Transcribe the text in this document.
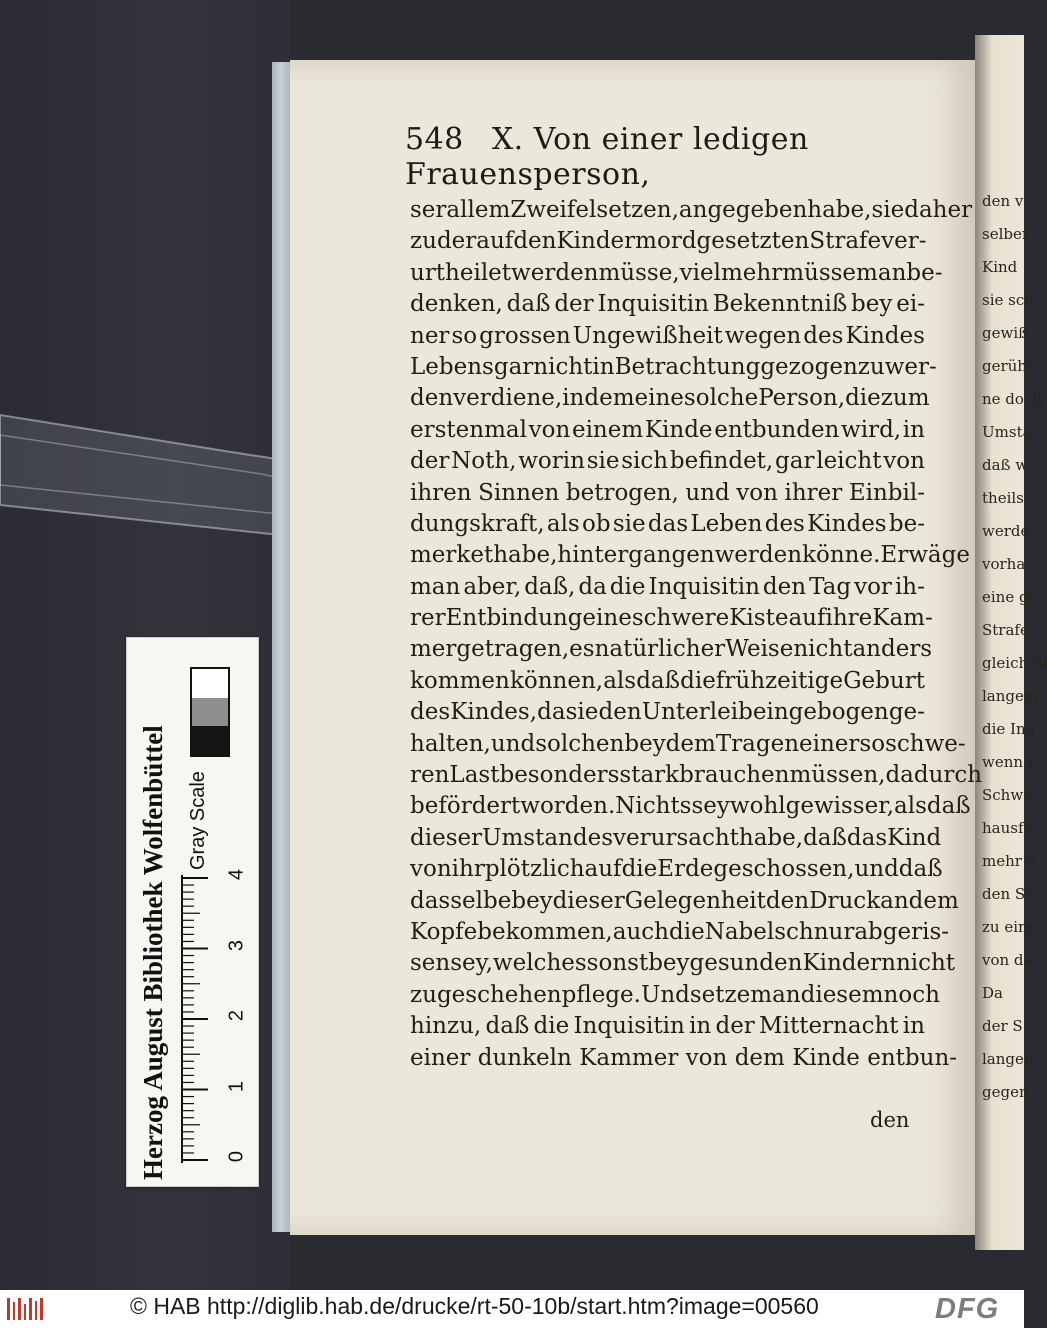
den v
selber
Kind
sie sch
gewiß
gerühr
ne doch
Umstä
daß w
theils
werde
vorha
eine ge
Strafe
gleich di
langem
die Inq
wenn r
Schwa
hausfr
mehr h
den Se
zu eine
von de
Da
der S
langen
gegen
548 X. Von einer ledigen Frauensperson,
ser allem Zweifel setzen, angegeben habe, sie daher
zu der auf den Kindermord gesetzten Strafe ver-
urtheilet werden müsse, vielmehr müsse man be-
denken, daß der Inquisitin Bekenntniß bey ei-
ner so grossen Ungewißheit wegen des Kindes
Lebens gar nicht in Betrachtung gezogen zu wer-
den verdiene, indem eine solche Person, die zum
erstenmal von einem Kinde entbunden wird, in
der Noth, worin sie sich befindet, gar leicht von
ihren Sinnen betrogen, und von ihrer Einbil-
dungskraft, als ob sie das Leben des Kindes be-
merket habe, hintergangen werden könne. Erwäge
man aber, daß, da die Inquisitin den Tag vor ih-
rer Entbindung eine schwere Kiste auf ihre Kam-
mer getragen, es natürlicher Weise nicht anders
kommen können, als daß die frühzeitige Geburt
des Kindes, da sie den Unterleib eingebogen ge-
halten, und solchen bey dem Tragen einer so schwe-
ren Last besonders stark brauchen müssen, dadurch
befördert worden. Nichts sey wohl gewisser, als daß
dieser Umstand es verursacht habe, daß das Kind
von ihr plötzlich auf die Erde geschossen, und daß
dasselbe bey dieser Gelegenheit den Druck an dem
Kopfe bekommen, auch die Nabelschnur abgeris-
sen sey, welches sonst bey gesunden Kindern nicht
zu geschehen pflege. Und setze man diesem noch
hinzu, daß die Inquisitin in der Mitternacht in
einer dunkeln Kammer von dem Kinde entbun-
den
Herzog August Bibliothek Wolfenbüttel Gray Scale
0
1
2
3
4
© HAB http://diglib.hab.de/drucke/rt-50-10b/start.htm?image=00560	DFG
